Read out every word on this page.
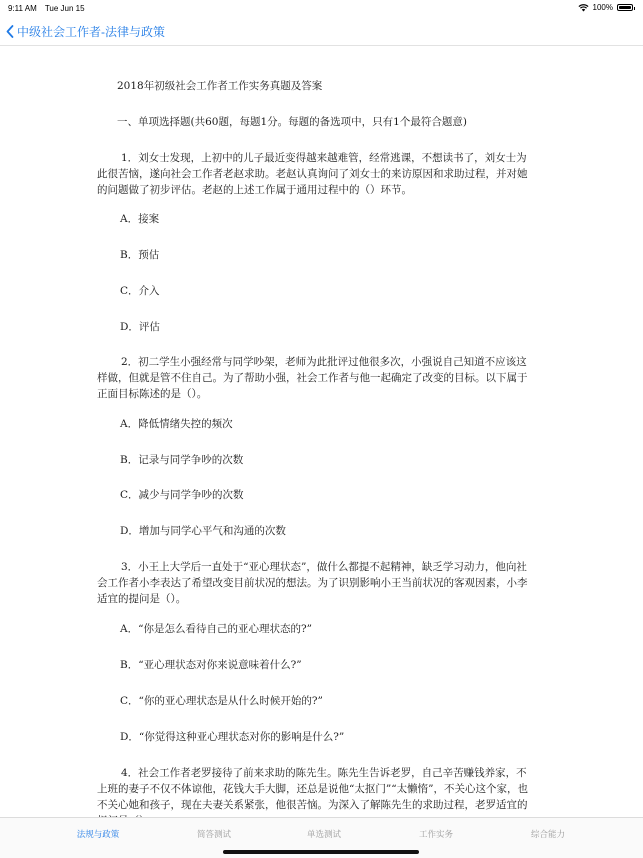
9:11 AM Tue Jun 15	100%
中级社会工作者-法律与政策
2018年初级社会工作者工作实务真题及答案
一、单项选择题(共60题，每题1分。每题的备选项中，只有1个最符合题意)
1．刘女士发现，上初中的儿子最近变得越来越难管，经常逃课，不想读书了，刘女士为
此很苦恼，遂向社会工作者老赵求助。老赵认真询问了刘女士的来访原因和求助过程，并对她
的问题做了初步评估。老赵的上述工作属于通用过程中的（）环节。
A．接案
B．预估
C．介入
D．评估
2．初二学生小强经常与同学吵架，老师为此批评过他很多次，小强说自己知道不应该这
样做，但就是管不住自己。为了帮助小强，社会工作者与他一起确定了改变的目标。以下属于
正面目标陈述的是（）。
A．降低情绪失控的频次
B．记录与同学争吵的次数
C．减少与同学争吵的次数
D．增加与同学心平气和沟通的次数
3．小王上大学后一直处于“亚心理状态”，做什么都提不起精神，缺乏学习动力，他向社
会工作者小李表达了希望改变目前状况的想法。为了识别影响小王当前状况的客观因素，小李
适宜的提问是（）。
A．“你是怎么看待自己的亚心理状态的?”
B．“亚心理状态对你来说意味着什么?”
C．“你的亚心理状态是从什么时候开始的?”
D．“你觉得这种亚心理状态对你的影响是什么?”
4．社会工作者老罗接待了前来求助的陈先生。陈先生告诉老罗，自己辛苦赚钱养家，不
上班的妻子不仅不体谅他，花钱大手大脚，还总是说他“太抠门”“太懒惰”，不关心这个家，也
不关心她和孩子，现在夫妻关系紧张，他很苦恼。为深入了解陈先生的求助过程，老罗适宜的
法规与政策	简答测试	单选测试	工作实务	综合能力
